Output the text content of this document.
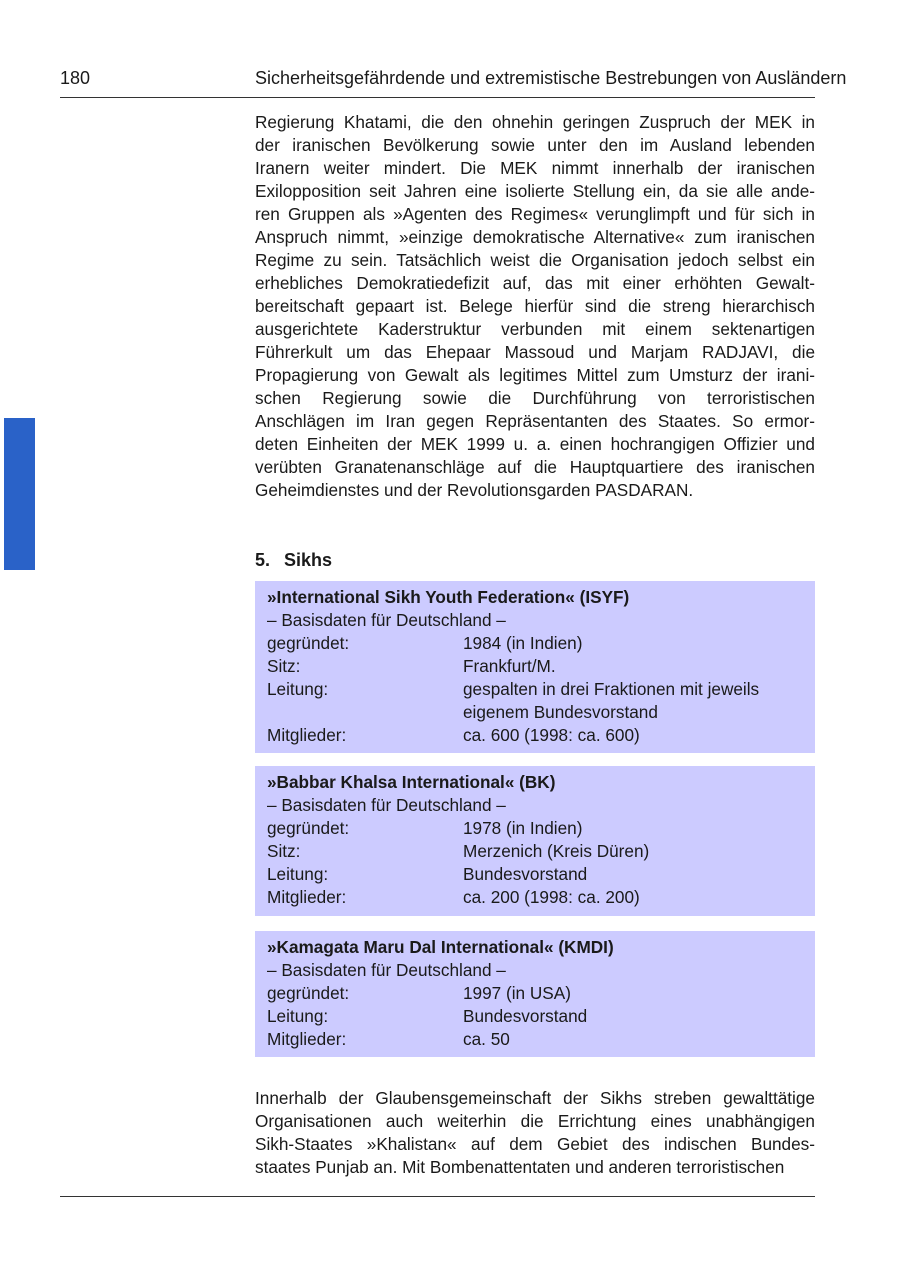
180	Sicherheitsgefährdende und extremistische Bestrebungen von Ausländern

Regierung Khatami, die den ohnehin geringen Zuspruch der MEK in
der iranischen Bevölkerung sowie unter den im Ausland lebenden
Iranern weiter mindert. Die MEK nimmt innerhalb der iranischen
Exilopposition seit Jahren eine isolierte Stellung ein, da sie alle ande-
ren Gruppen als »Agenten des Regimes« verunglimpft und für sich in
Anspruch nimmt, »einzige demokratische Alternative« zum iranischen
Regime zu sein. Tatsächlich weist die Organisation jedoch selbst ein
erhebliches Demokratiedefizit auf, das mit einer erhöhten Gewalt-
bereitschaft gepaart ist. Belege hierfür sind die streng hierarchisch
ausgerichtete Kaderstruktur verbunden mit einem sektenartigen
Führerkult um das Ehepaar Massoud und Marjam RADJAVI, die
Propagierung von Gewalt als legitimes Mittel zum Umsturz der irani-
schen Regierung sowie die Durchführung von terroristischen
Anschlägen im Iran gegen Repräsentanten des Staates. So ermor-
deten Einheiten der MEK 1999 u. a. einen hochrangigen Offizier und
verübten Granatenanschläge auf die Hauptquartiere des iranischen
Geheimdienstes und der Revolutionsgarden PASDARAN.

5. Sikhs
»International Sikh Youth Federation« (ISYF)
– Basisdaten für Deutschland –
gegründet:	1984 (in Indien)
Sitz:	Frankfurt/M.
Leitung:	gespalten in drei Fraktionen mit jeweils
eigenem Bundesvorstand
Mitglieder:	ca. 600 (1998: ca. 600)
»Babbar Khalsa International« (BK)
– Basisdaten für Deutschland –
gegründet:	1978 (in Indien)
Sitz:	Merzenich (Kreis Düren)
Leitung:	Bundesvorstand
Mitglieder:	ca. 200 (1998: ca. 200)
»Kamagata Maru Dal International« (KMDI)
– Basisdaten für Deutschland –
gegründet:	1997 (in USA)
Leitung:	Bundesvorstand
Mitglieder:	ca. 50

Innerhalb der Glaubensgemeinschaft der Sikhs streben gewalttätige
Organisationen auch weiterhin die Errichtung eines unabhängigen
Sikh-Staates »Khalistan« auf dem Gebiet des indischen Bundes-
staates Punjab an. Mit Bombenattentaten und anderen terroristischen
